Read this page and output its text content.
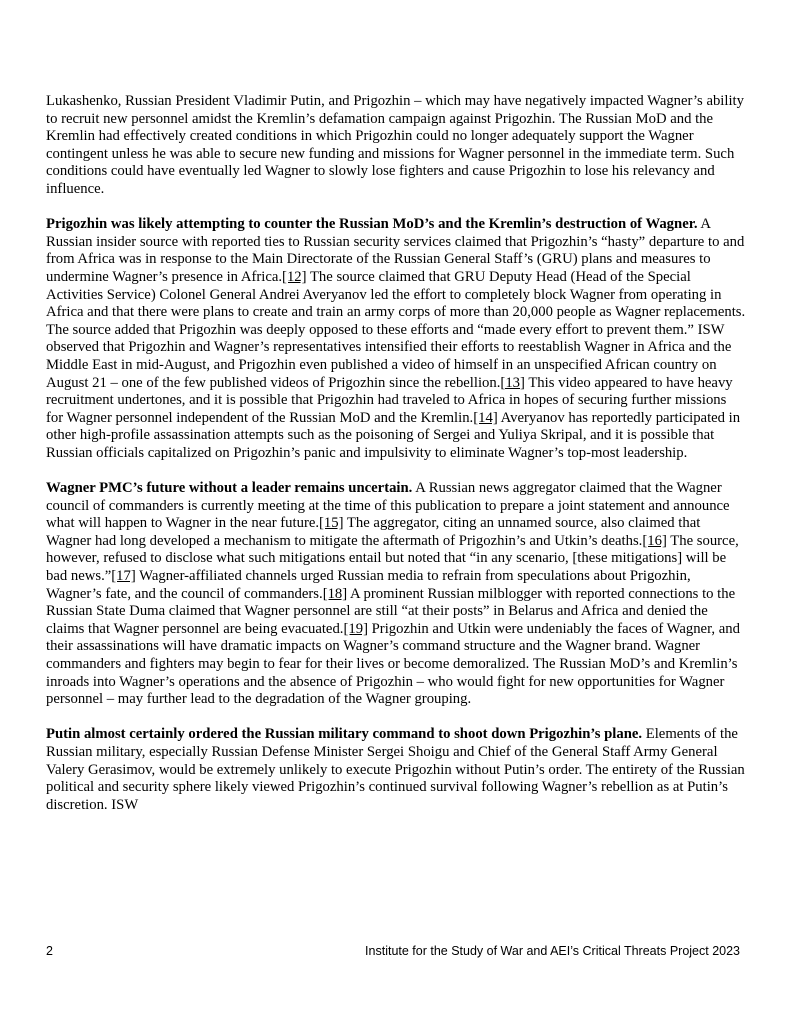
Lukashenko, Russian President Vladimir Putin, and Prigozhin – which may have negatively impacted Wagner’s ability to recruit new personnel amidst the Kremlin’s defamation campaign against Prigozhin. The Russian MoD and the Kremlin had effectively created conditions in which Prigozhin could no longer adequately support the Wagner contingent unless he was able to secure new funding and missions for Wagner personnel in the immediate term. Such conditions could have eventually led Wagner to slowly lose fighters and cause Prigozhin to lose his relevancy and influence.

Prigozhin was likely attempting to counter the Russian MoD’s and the Kremlin’s destruction of Wagner. A Russian insider source with reported ties to Russian security services claimed that Prigozhin’s “hasty” departure to and from Africa was in response to the Main Directorate of the Russian General Staff’s (GRU) plans and measures to undermine Wagner’s presence in Africa.[12] The source claimed that GRU Deputy Head (Head of the Special Activities Service) Colonel General Andrei Averyanov led the effort to completely block Wagner from operating in Africa and that there were plans to create and train an army corps of more than 20,000 people as Wagner replacements. The source added that Prigozhin was deeply opposed to these efforts and “made every effort to prevent them.” ISW observed that Prigozhin and Wagner’s representatives intensified their efforts to reestablish Wagner in Africa and the Middle East in mid-August, and Prigozhin even published a video of himself in an unspecified African country on August 21 – one of the few published videos of Prigozhin since the rebellion.[13] This video appeared to have heavy recruitment undertones, and it is possible that Prigozhin had traveled to Africa in hopes of securing further missions for Wagner personnel independent of the Russian MoD and the Kremlin.[14] Averyanov has reportedly participated in other high-profile assassination attempts such as the poisoning of Sergei and Yuliya Skripal, and it is possible that Russian officials capitalized on Prigozhin’s panic and impulsivity to eliminate Wagner’s top-most leadership.

Wagner PMC’s future without a leader remains uncertain. A Russian news aggregator claimed that the Wagner council of commanders is currently meeting at the time of this publication to prepare a joint statement and announce what will happen to Wagner in the near future.[15] The aggregator, citing an unnamed source, also claimed that Wagner had long developed a mechanism to mitigate the aftermath of Prigozhin’s and Utkin’s deaths.[16] The source, however, refused to disclose what such mitigations entail but noted that “in any scenario, [these mitigations] will be bad news.”[17] Wagner-affiliated channels urged Russian media to refrain from speculations about Prigozhin, Wagner’s fate, and the council of commanders.[18] A prominent Russian milblogger with reported connections to the Russian State Duma claimed that Wagner personnel are still “at their posts” in Belarus and Africa and denied the claims that Wagner personnel are being evacuated.[19] Prigozhin and Utkin were undeniably the faces of Wagner, and their assassinations will have dramatic impacts on Wagner’s command structure and the Wagner brand. Wagner commanders and fighters may begin to fear for their lives or become demoralized. The Russian MoD’s and Kremlin’s inroads into Wagner’s operations and the absence of Prigozhin – who would fight for new opportunities for Wagner personnel – may further lead to the degradation of the Wagner grouping.

Putin almost certainly ordered the Russian military command to shoot down Prigozhin’s plane. Elements of the Russian military, especially Russian Defense Minister Sergei Shoigu and Chief of the General Staff Army General Valery Gerasimov, would be extremely unlikely to execute Prigozhin without Putin’s order. The entirety of the Russian political and security sphere likely viewed Prigozhin’s continued survival following Wagner’s rebellion as at Putin’s discretion. ISW

2	Institute for the Study of War and AEI’s Critical Threats Project 2023
